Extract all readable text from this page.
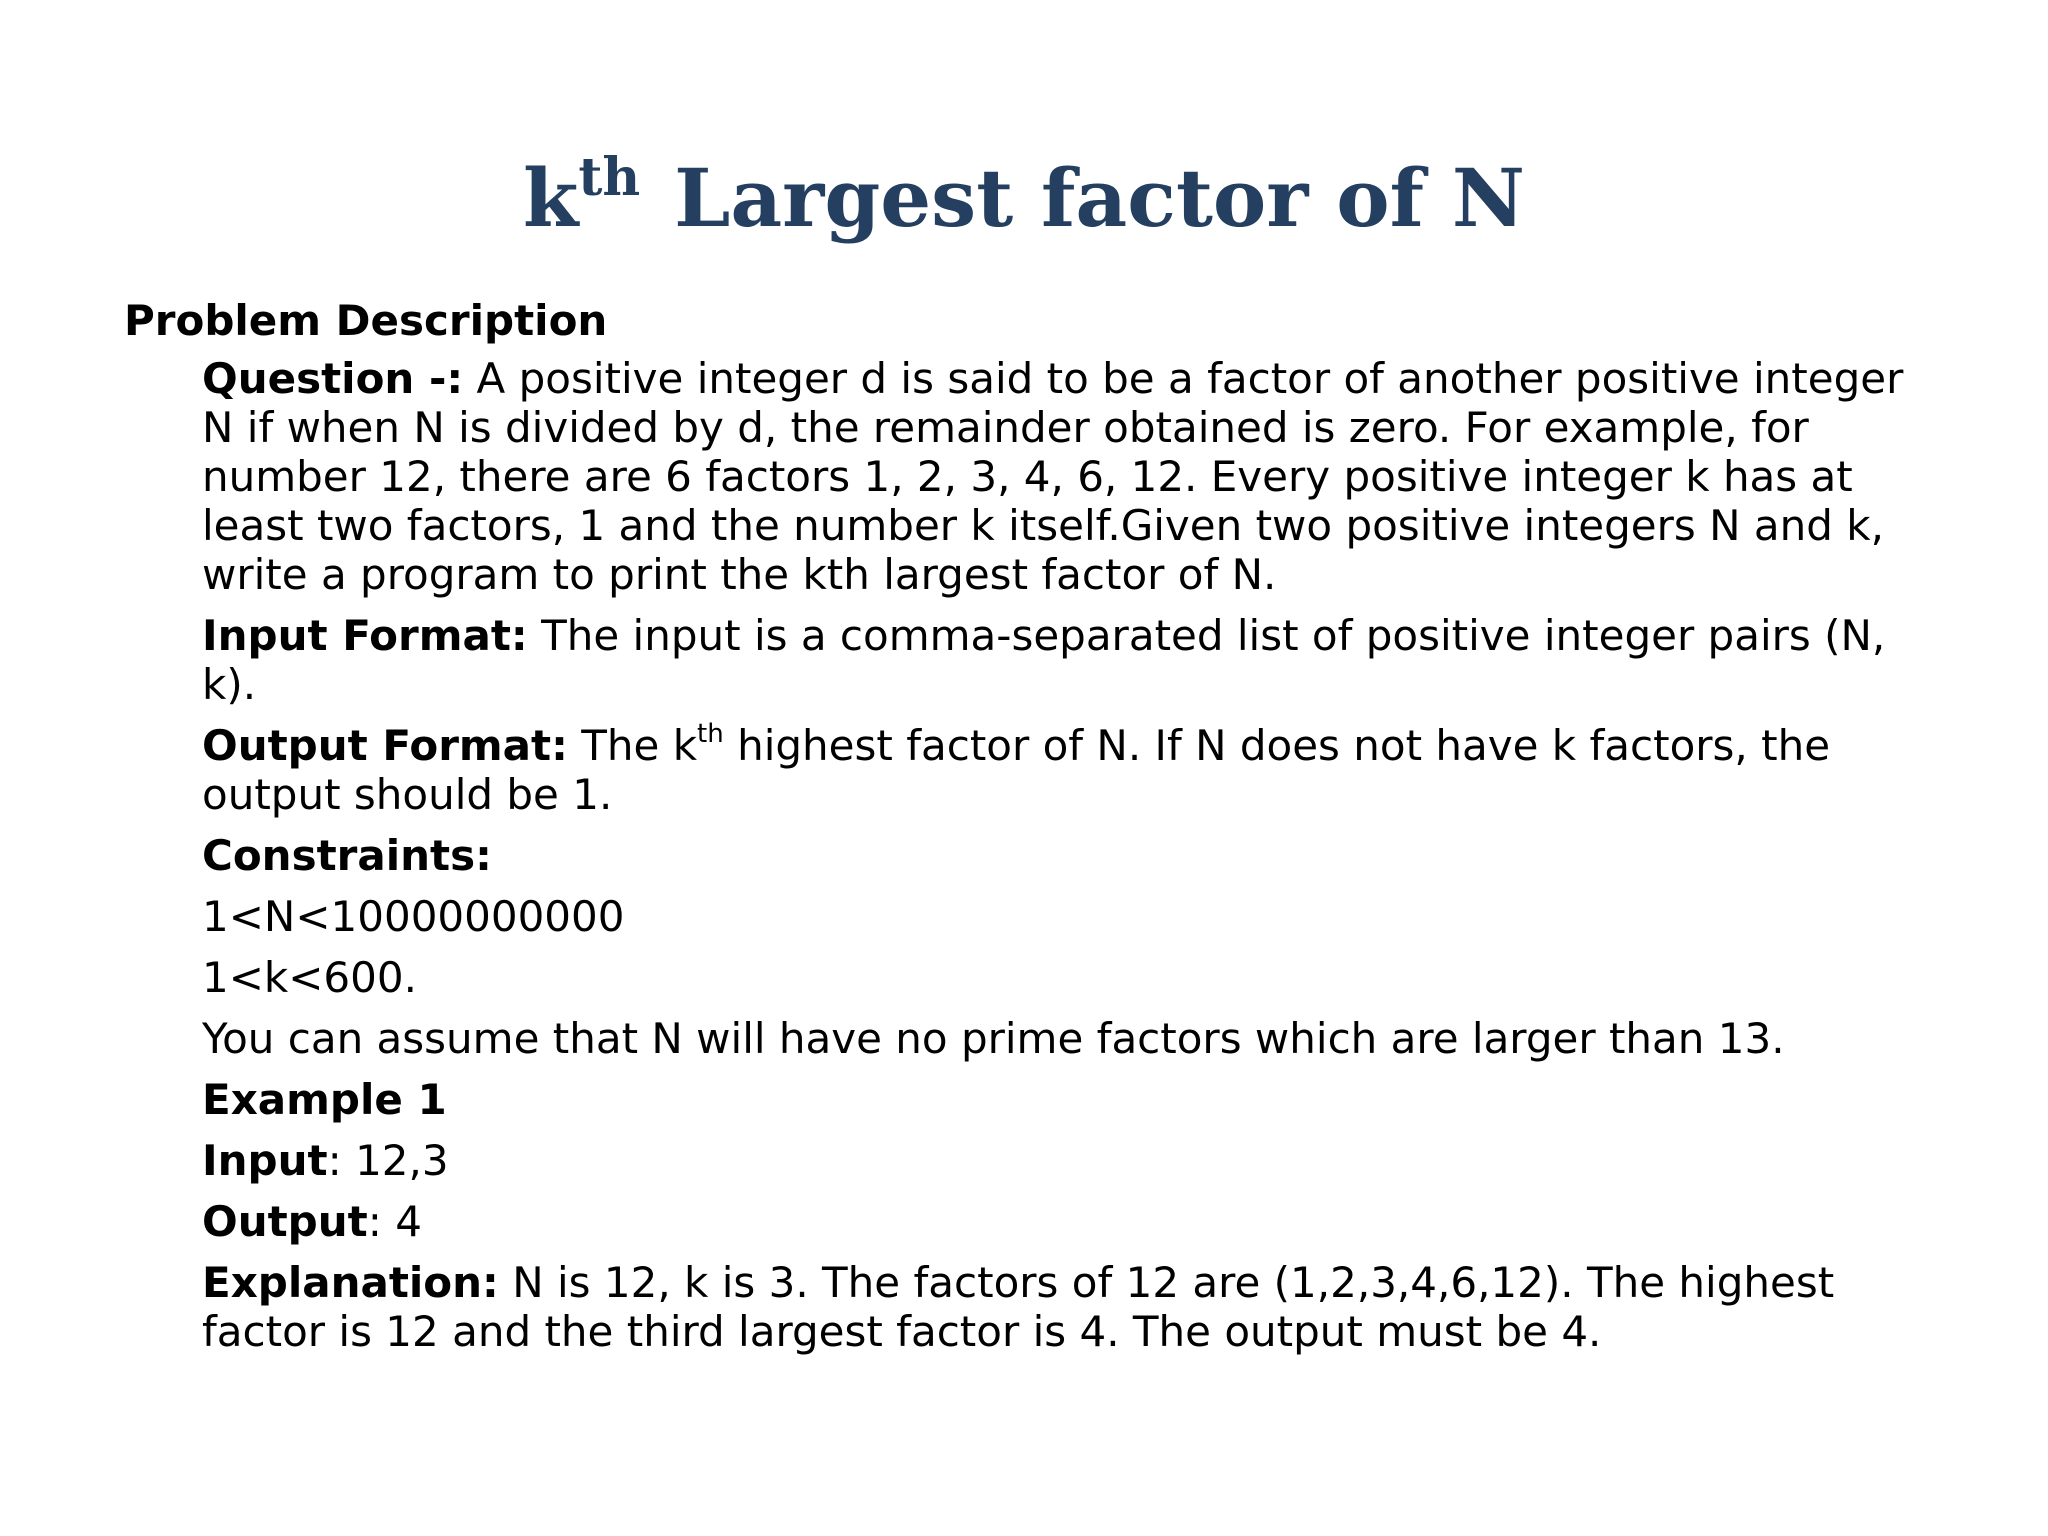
$k^{th}$ Largest factor of N
Problem Description

Question -: A positive integer d is said to be a factor of another positive integer N if when N is divided by d, the remainder obtained is zero. For example, for number 12, there are 6 factors 1, 2, 3, 4, 6, 12. Every positive integer k has at least two factors, 1 and the number k itself.Given two positive integers N and k, write a program to print the kth largest factor of N.

Input Format: The input is a comma-separated list of positive integer pairs (N, k).

Output Format: The $k^{th}$ highest factor of N. If N does not have k factors, the output should be 1.

Constraints:

1<N<10000000000

1<k<600.

You can assume that N will have no prime factors which are larger than 13.

Example 1

Input: 12,3

Output: 4

Explanation: N is 12, k is 3. The factors of 12 are (1,2,3,4,6,12). The highest factor is 12 and the third largest factor is 4. The output must be 4.
